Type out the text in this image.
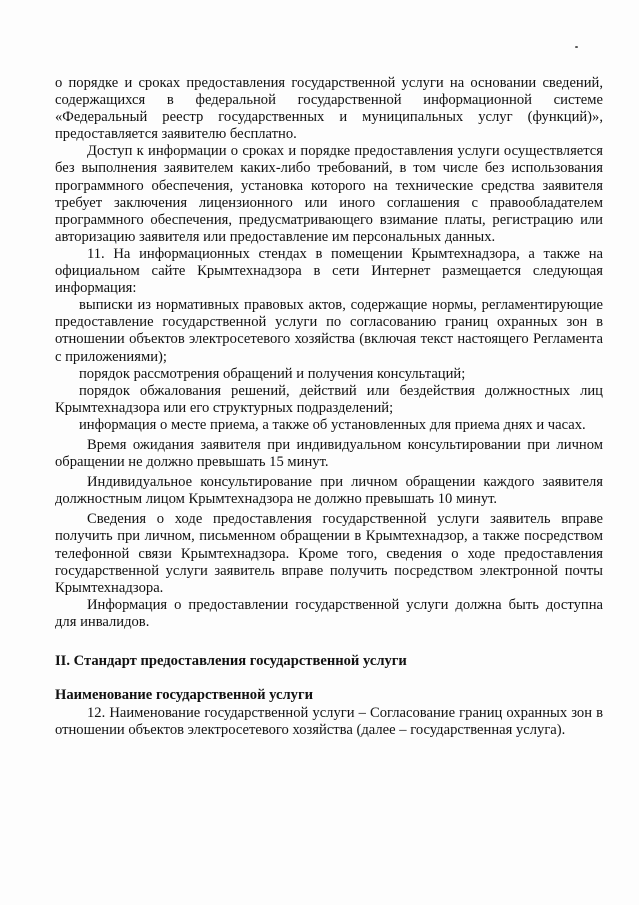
о порядке и сроках предоставления государственной услуги на основании сведений, содержащихся в федеральной государственной информационной системе «Федеральный реестр государственных и муниципальных услуг (функций)», предоставляется заявителю бесплатно.

Доступ к информации о сроках и порядке предоставления услуги осуществляется без выполнения заявителем каких-либо требований, в том числе без использования программного обеспечения, установка которого на технические средства заявителя требует заключения лицензионного или иного соглашения с правообладателем программного обеспечения, предусматривающего взимание платы, регистрацию или авторизацию заявителя или предоставление им персональных данных.

11. На информационных стендах в помещении Крымтехнадзора, а также на официальном сайте Крымтехнадзора в сети Интернет размещается следующая информация:

выписки из нормативных правовых актов, содержащие нормы, регламентирующие предоставление государственной услуги по согласованию границ охранных зон в отношении объектов электросетевого хозяйства (включая текст настоящего Регламента с приложениями);

порядок рассмотрения обращений и получения консультаций;

порядок обжалования решений, действий или бездействия должностных лиц Крымтехнадзора или его структурных подразделений;

информация о месте приема, а также об установленных для приема днях и часах.

Время ожидания заявителя при индивидуальном консультировании при личном обращении не должно превышать 15 минут.

Индивидуальное консультирование при личном обращении каждого заявителя должностным лицом Крымтехнадзора не должно превышать 10 минут.

Сведения о ходе предоставления государственной услуги заявитель вправе получить при личном, письменном обращении в Крымтехнадзор, а также посредством телефонной связи Крымтехнадзора. Кроме того, сведения о ходе предоставления государственной услуги заявитель вправе получить посредством электронной почты Крымтехнадзора.

Информация о предоставлении государственной услуги должна быть доступна для инвалидов.

II. Стандарт предоставления государственной услуги

Наименование государственной услуги

12. Наименование государственной услуги – Согласование границ охранных зон в отношении объектов электросетевого хозяйства (далее – государственная услуга).
